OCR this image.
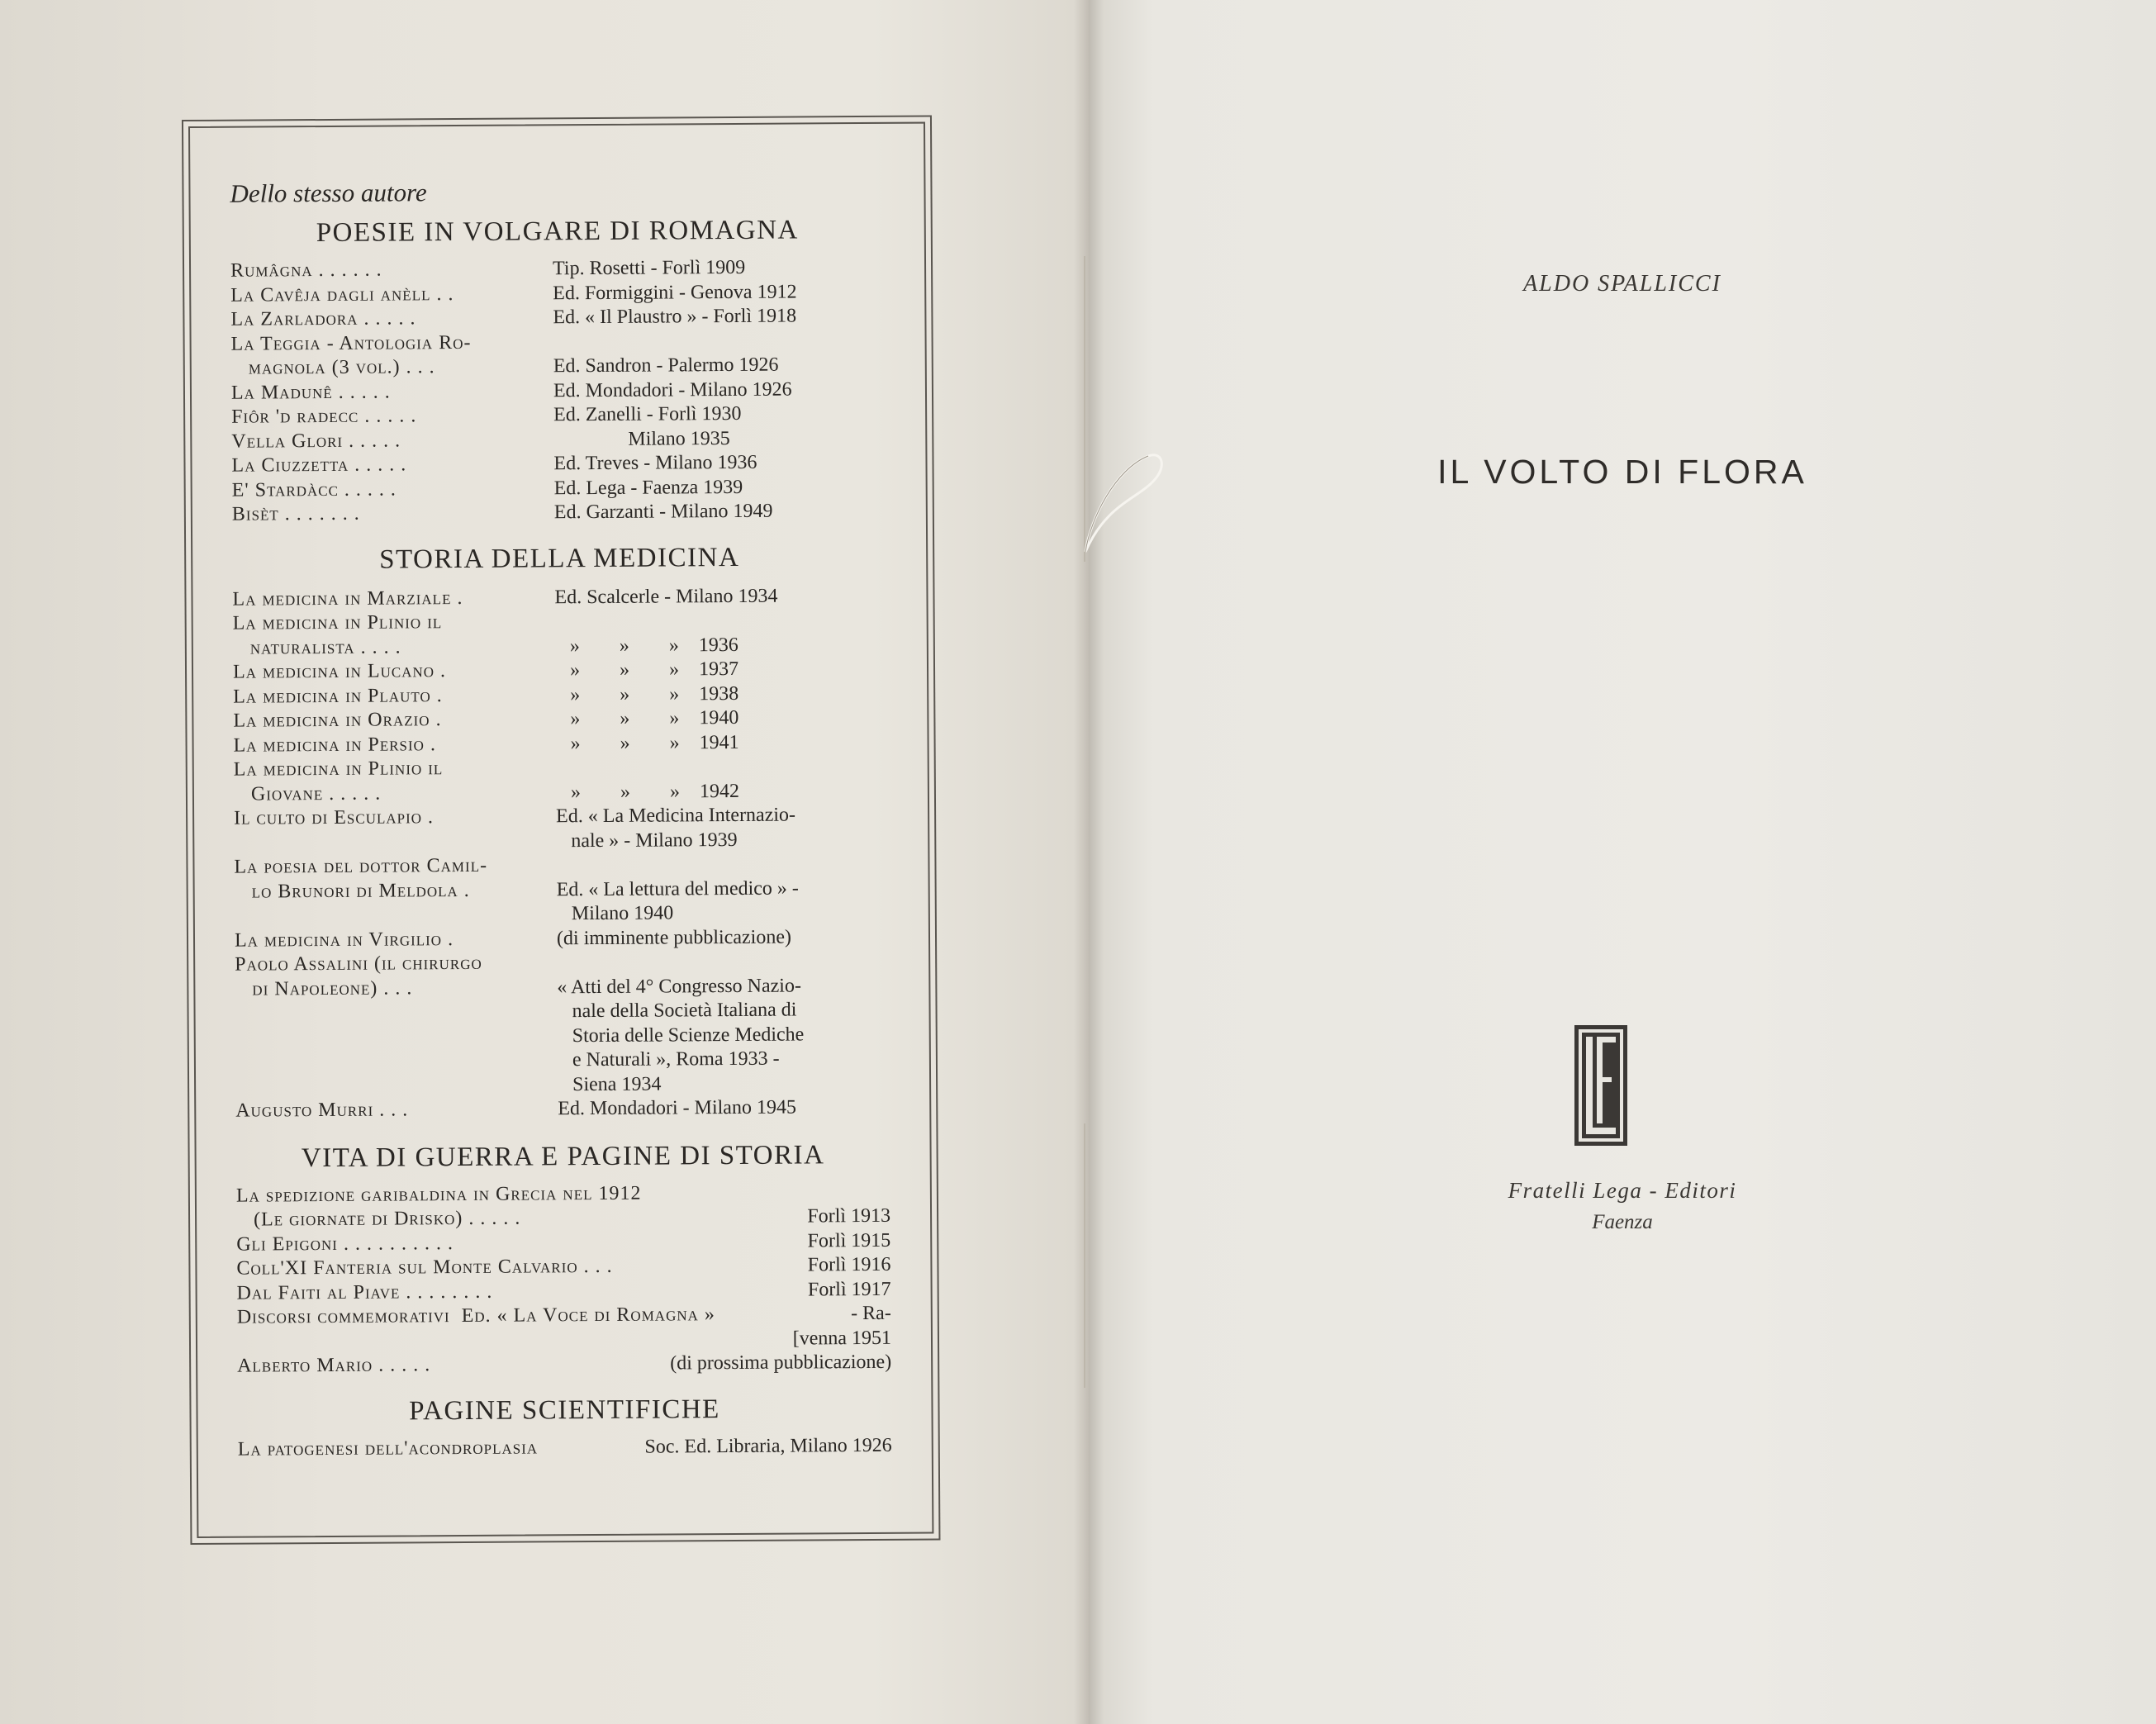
Dello stesso autore
POESIE IN VOLGARE DI ROMAGNA
Rumâgna . . . . . .	Tip. Rosetti - Forlì 1909
La Cavêja dagli anèll . .	Ed. Formiggini - Genova 1912
La Zarladora . . . . .	Ed. « Il Plaustro » - Forlì 1918
La Teggia - Antologia Ro-
magnola (3 vol.) . . .	Ed. Sandron - Palermo 1926
La Madunê . . . . .	Ed. Mondadori - Milano 1926
Fiôr 'd radecc . . . . .	Ed. Zanelli - Forlì 1930
Vella Glori . . . . .	Milano 1935
La Ciuzzetta . . . . .	Ed. Treves - Milano 1936
E' Stardàcc . . . . .	Ed. Lega - Faenza 1939
Bisèt . . . . . . .	Ed. Garzanti - Milano 1949
STORIA DELLA MEDICINA
La medicina in Marziale .	Ed. Scalcerle - Milano 1934
La medicina in Plinio il
naturalista . . . .	»        »        »    1936
La medicina in Lucano .	»        »        »    1937
La medicina in Plauto .	»        »        »    1938
La medicina in Orazio .	»        »        »    1940
La medicina in Persio .	»        »        »    1941
La medicina in Plinio il
Giovane . . . . .	»        »        »    1942
Il culto di Esculapio .	Ed. « La Medicina Internazio-
nale » - Milano 1939
La poesia del dottor Camil-
lo Brunori di Meldola .	Ed. « La lettura del medico » -
Milano 1940
La medicina in Virgilio .	(di imminente pubblicazione)
Paolo Assalini (il chirurgo
di Napoleone) . . .	« Atti del 4° Congresso Nazio-
nale della Società Italiana di
Storia delle Scienze Mediche
e Naturali », Roma 1933 -
Siena 1934
Augusto Murri . . .	Ed. Mondadori - Milano 1945
VITA DI GUERRA E PAGINE DI STORIA
La spedizione garibaldina in Grecia nel 1912
(Le giornate di Drisko) . . . . .	Forlì 1913
Gli Epigoni . . . . . . . . . .	Forlì 1915
Coll'XI Fanteria sul Monte Calvario . . .	Forlì 1916
Dal Faiti al Piave . . . . . . . .	Forlì 1917
Discorsi commemorativi  Ed. « La Voce di Romagna »	- Ra-
[venna 1951
Alberto Mario . . . . .	(di prossima pubblicazione)
PAGINE SCIENTIFICHE
La patogenesi dell'acondroplasia	Soc. Ed. Libraria, Milano 1926
ALDO SPALLICCI
IL VOLTO DI FLORA
Fratelli Lega - Editori
Faenza
